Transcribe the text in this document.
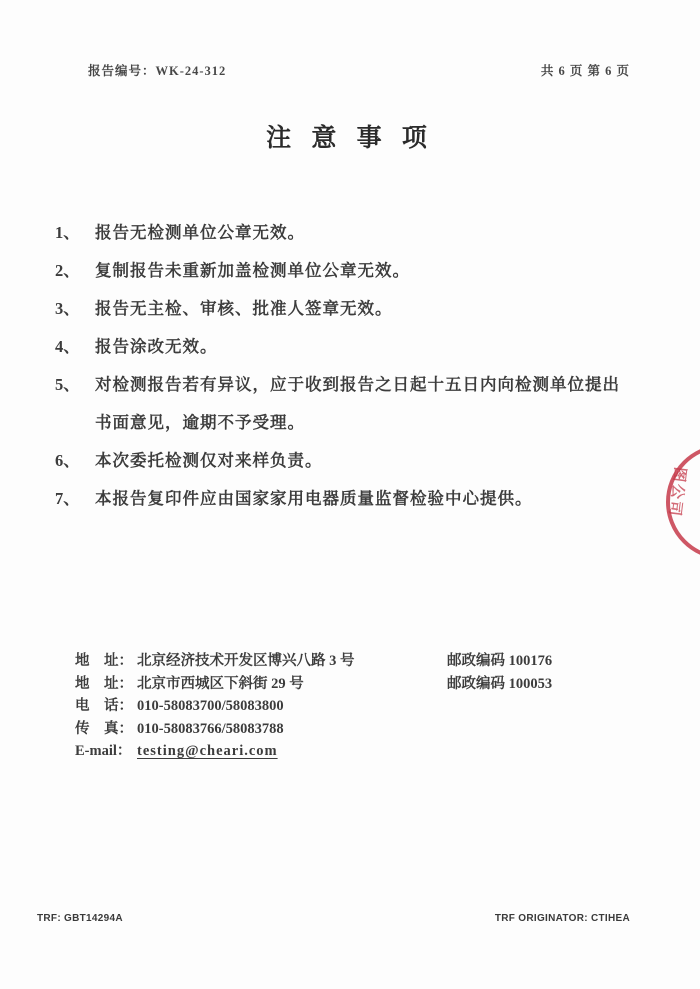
报告编号：WK-24-312	共 6 页 第 6 页
注 意 事 项
1、 报告无检测单位公章无效。
2、 复制报告未重新加盖检测单位公章无效。
3、 报告无主检、审核、批准人签章无效。
4、 报告涂改无效。
5、 对检测报告若有异议，应于收到报告之日起十五日内向检测单位提出
书面意见，逾期不予受理。
6、 本次委托检测仅对来样负责。
7、 本报告复印件应由国家家用电器质量监督检验中心提供。
地　址： 北京经济技术开发区博兴八路 3 号	邮政编码 100176
地　址： 北京市西城区下斜街 29 号	邮政编码 100053
电　话： 010-58083700/58083800
传　真： 010-58083766/58083788
E-mail： testing@cheari.com
图公司
TRF: GBT14294A	TRF ORIGINATOR: CTIHEA
